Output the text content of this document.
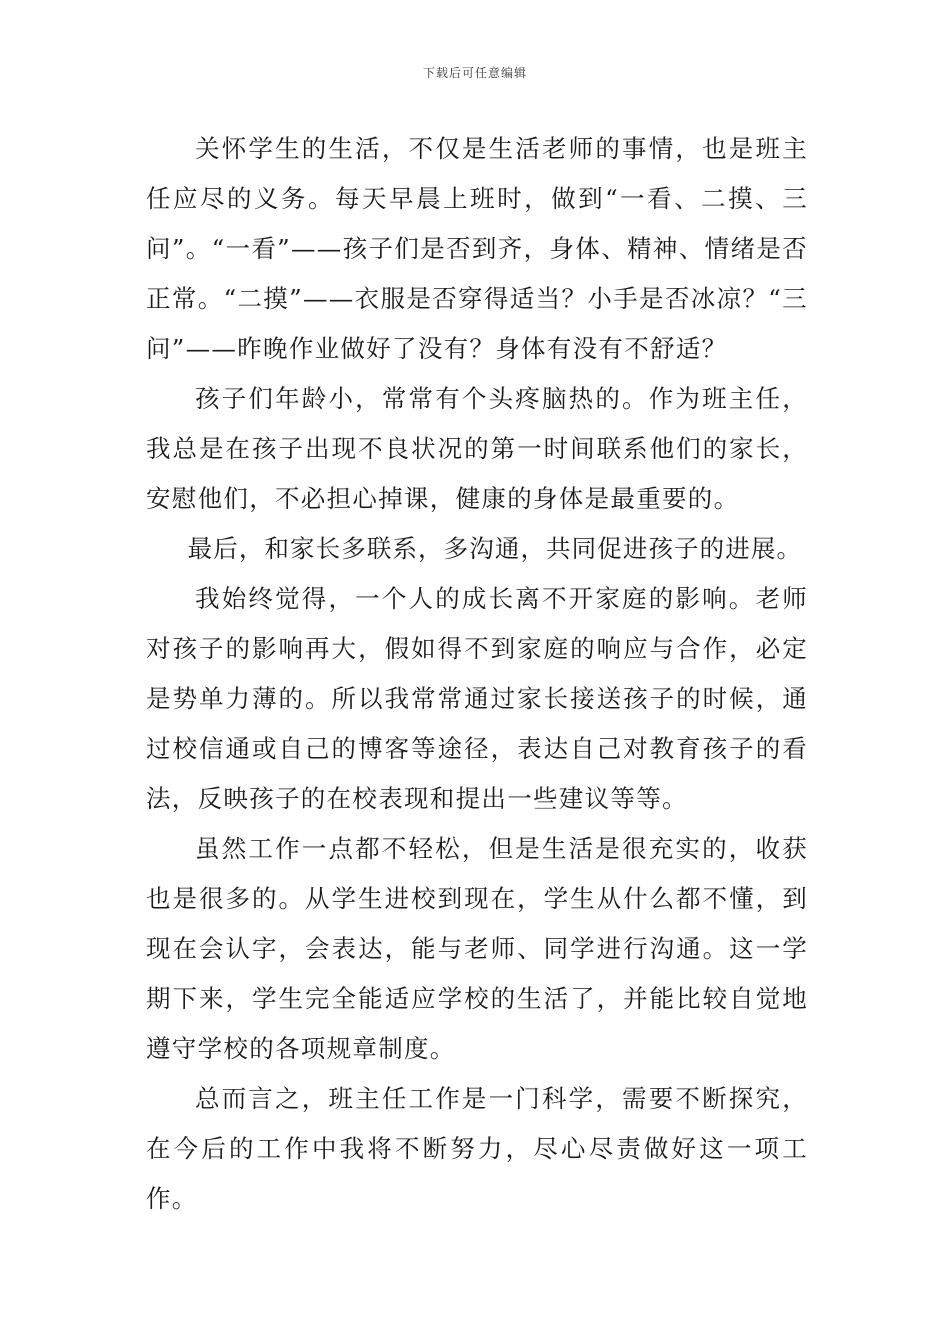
下载后可任意编辑

关怀学生的生活，不仅是生活老师的事情，也是班主任应尽的义务。每天早晨上班时，做到“一看、二摸、三问”。“一看”——孩子们是否到齐，身体、精神、情绪是否正常。“二摸”——衣服是否穿得适当？小手是否冰凉？“三问”——昨晚作业做好了没有？身体有没有不舒适？

孩子们年龄小，常常有个头疼脑热的。作为班主任，我总是在孩子出现不良状况的第一时间联系他们的家长，安慰他们，不必担心掉课，健康的身体是最重要的。

最后，和家长多联系，多沟通，共同促进孩子的进展。

我始终觉得，一个人的成长离不开家庭的影响。老师对孩子的影响再大，假如得不到家庭的响应与合作，必定是势单力薄的。所以我常常通过家长接送孩子的时候，通过校信通或自己的博客等途径，表达自己对教育孩子的看法，反映孩子的在校表现和提出一些建议等等。

虽然工作一点都不轻松，但是生活是很充实的，收获也是很多的。从学生进校到现在，学生从什么都不懂，到现在会认字，会表达，能与老师、同学进行沟通。这一学期下来，学生完全能适应学校的生活了，并能比较自觉地遵守学校的各项规章制度。

总而言之，班主任工作是一门科学，需要不断探究，在今后的工作中我将不断努力，尽心尽责做好这一项工作。
